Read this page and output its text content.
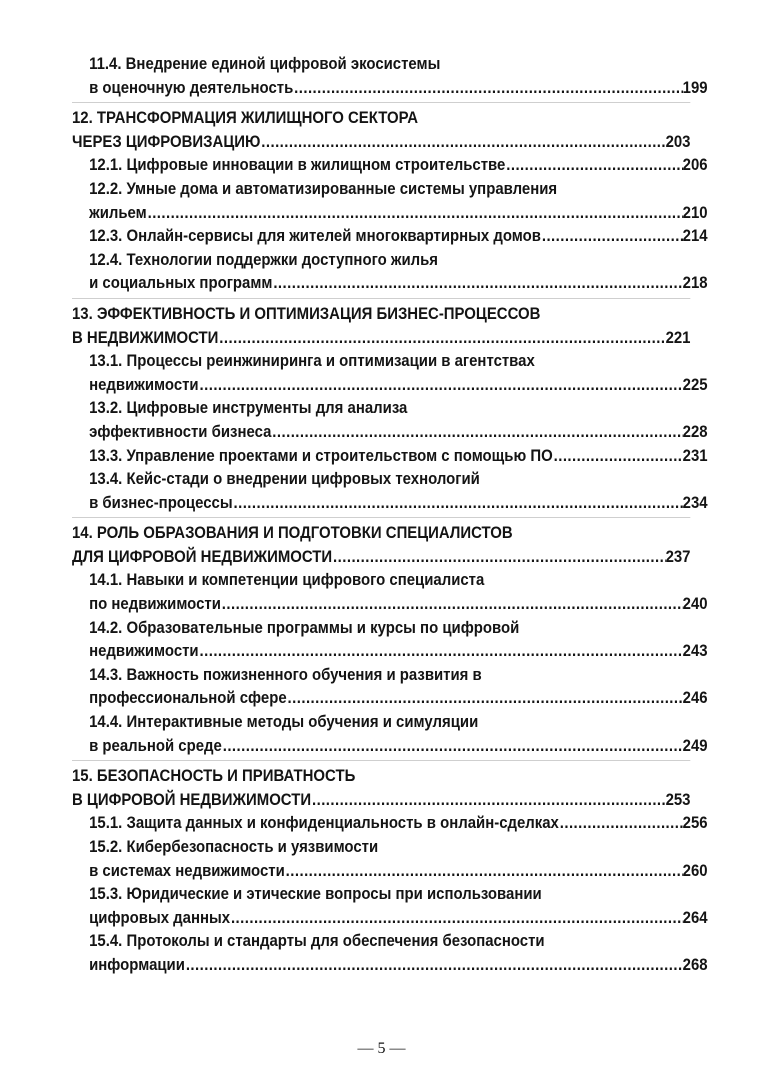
11.4. Внедрение единой цифровой экосистемы
в оценочную деятельность .....	199
12. ТРАНСФОРМАЦИЯ ЖИЛИЩНОГО СЕКТОРА
ЧЕРЕЗ ЦИФРОВИЗАЦИЮ .....	203
12.1. Цифровые инновации в жилищном строительстве .....	206
12.2. Умные дома и автоматизированные системы управления
жильем .....	210
12.3. Онлайн-сервисы для жителей многоквартирных домов .....	214
12.4. Технологии поддержки доступного жилья
и социальных программ .....	218
13. ЭФФЕКТИВНОСТЬ И ОПТИМИЗАЦИЯ БИЗНЕС-ПРОЦЕССОВ
В НЕДВИЖИМОСТИ .....	221
13.1. Процессы реинжиниринга и оптимизации в агентствах
недвижимости .....	225
13.2. Цифровые инструменты для анализа
эффективности бизнеса .....	228
13.3. Управление проектами и строительством с помощью ПО .....	231
13.4. Кейс-стади о внедрении цифровых технологий
в бизнес-процессы .....	234
14. РОЛЬ ОБРАЗОВАНИЯ И ПОДГОТОВКИ СПЕЦИАЛИСТОВ
ДЛЯ ЦИФРОВОЙ НЕДВИЖИМОСТИ .....	237
14.1. Навыки и компетенции цифрового специалиста
по недвижимости .....	240
14.2. Образовательные программы и курсы по цифровой
недвижимости .....	243
14.3. Важность пожизненного обучения и развития в
профессиональной сфере .....	246
14.4. Интерактивные методы обучения и симуляции
в реальной среде .....	249
15. БЕЗОПАСНОСТЬ И ПРИВАТНОСТЬ
В ЦИФРОВОЙ НЕДВИЖИМОСТИ .....	253
15.1. Защита данных и конфиденциальность в онлайн-сделках .....	256
15.2. Кибербезопасность и уязвимости
в системах недвижимости .....	260
15.3. Юридические и этические вопросы при использовании
цифровых данных .....	264
15.4. Протоколы и стандарты для обеспечения безопасности
информации .....	268
— 5 —
